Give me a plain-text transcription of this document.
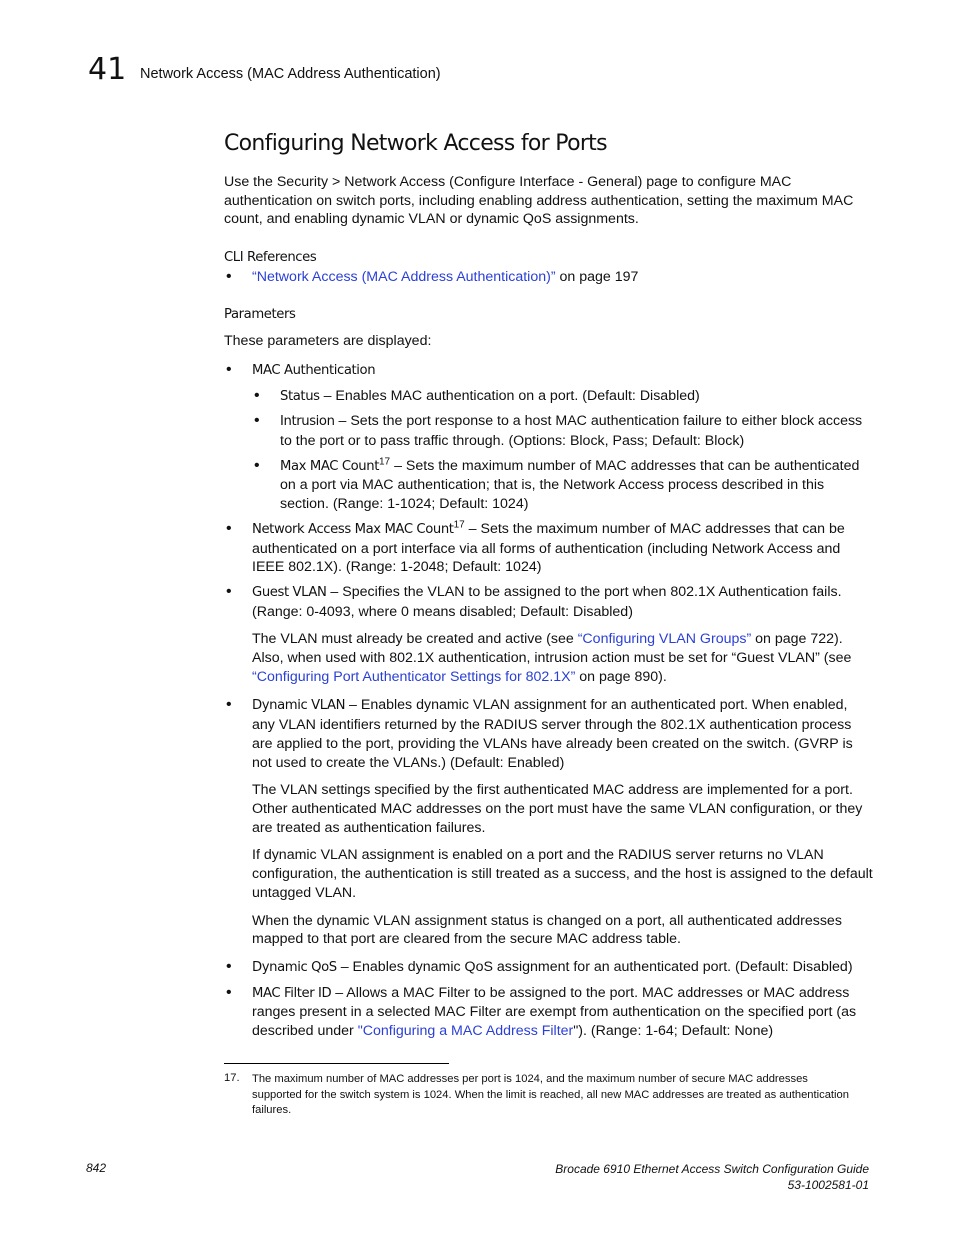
41 Network Access (MAC Address Authentication)
Configuring Network Access for Ports

Use the Security > Network Access (Configure Interface - General) page to configure MAC authentication on switch ports, including enabling address authentication, setting the maximum MAC count, and enabling dynamic VLAN or dynamic QoS assignments.

CLI References
• “Network Access (MAC Address Authentication)” on page 197
Parameters

These parameters are displayed:

• MAC Authentication
• Status – Enables MAC authentication on a port. (Default: Disabled)
• Intrusion – Sets the port response to a host MAC authentication failure to either block access to the port or to pass traffic through. (Options: Block, Pass; Default: Block)
• Max MAC Count$^{17}$ – Sets the maximum number of MAC addresses that can be authenticated on a port via MAC authentication; that is, the Network Access process described in this section. (Range: 1-1024; Default: 1024)
• Network Access Max MAC Count$^{17}$ – Sets the maximum number of MAC addresses that can be authenticated on a port interface via all forms of authentication (including Network Access and IEEE 802.1X). (Range: 1-2048; Default: 1024)
• Guest VLAN – Specifies the VLAN to be assigned to the port when 802.1X Authentication fails. (Range: 0-4093, where 0 means disabled; Default: Disabled)

The VLAN must already be created and active (see “Configuring VLAN Groups” on page 722). Also, when used with 802.1X authentication, intrusion action must be set for “Guest VLAN” (see “Configuring Port Authenticator Settings for 802.1X” on page 890).

• Dynamic VLAN – Enables dynamic VLAN assignment for an authenticated port. When enabled, any VLAN identifiers returned by the RADIUS server through the 802.1X authentication process are applied to the port, providing the VLANs have already been created on the switch. (GVRP is not used to create the VLANs.) (Default: Enabled)

The VLAN settings specified by the first authenticated MAC address are implemented for a port. Other authenticated MAC addresses on the port must have the same VLAN configuration, or they are treated as authentication failures.

If dynamic VLAN assignment is enabled on a port and the RADIUS server returns no VLAN configuration, the authentication is still treated as a success, and the host is assigned to the default untagged VLAN.

When the dynamic VLAN assignment status is changed on a port, all authenticated addresses mapped to that port are cleared from the secure MAC address table.

• Dynamic QoS – Enables dynamic QoS assignment for an authenticated port. (Default: Disabled)
• MAC Filter ID – Allows a MAC Filter to be assigned to the port. MAC addresses or MAC address ranges present in a selected MAC Filter are exempt from authentication on the specified port (as described under "Configuring a MAC Address Filter"). (Range: 1-64; Default: None)
17. The maximum number of MAC addresses per port is 1024, and the maximum number of secure MAC addresses supported for the switch system is 1024. When the limit is reached, all new MAC addresses are treated as authentication failures.
842	Brocade 6910 Ethernet Access Switch Configuration Guide
53-1002581-01
